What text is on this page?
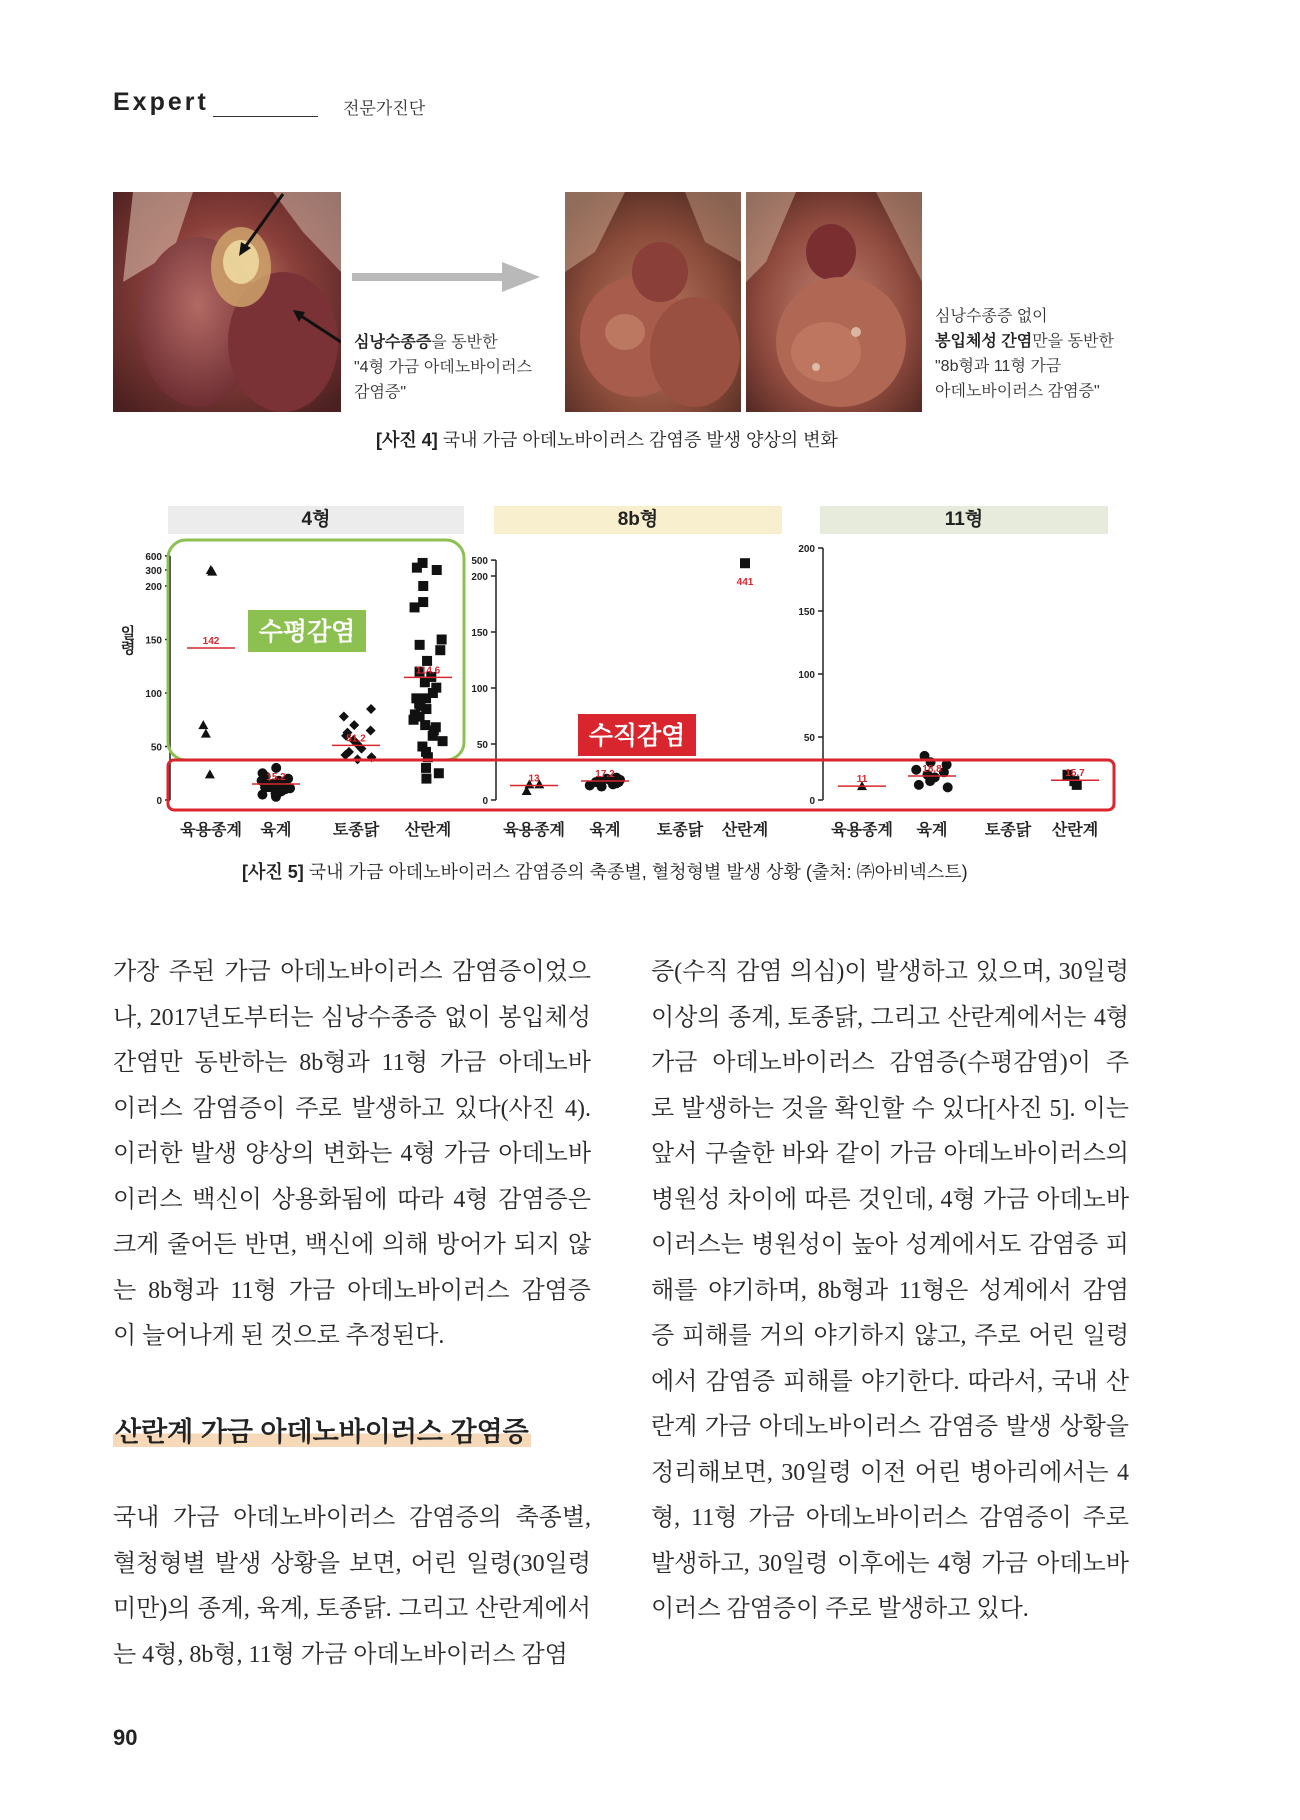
Expert	전문가진단
심낭수종증을 동반한
"4형 가금 아데노바이러스
감염증"
심낭수종증 없이
봉입체성 간염만을 동반한
"8b형과 11형 가금
아데노바이러스 감염증"
[사진 4] 국내 가금 아데노바이러스 감염증 발생 양상의 변화
4형	8b형	11형
0
50
100
150
200
300
600
육용종계 육계	토종닭 산란계
142
15.2
51.2
114.6
0
50
100
150
200
500
육용종계 육계 토종닭 산란계
13	17.2
441
0
50
100
150
200
육용종계 육계 토종닭 산란계
11
18.8	15.7
일령	수평감염
수직감염
[사진 5] 국내 가금 아데노바이러스 감염증의 축종별, 혈청형별 발생 상황 (출처: ㈜아비넥스트)
가장 주된 가금 아데노바이러스 감염증이었으
나, 2017년도부터는 심낭수종증 없이 봉입체성
간염만 동반하는 8b형과 11형 가금 아데노바
이러스 감염증이 주로 발생하고 있다(사진 4).
이러한 발생 양상의 변화는 4형 가금 아데노바
이러스 백신이 상용화됨에 따라 4형 감염증은
크게 줄어든 반면, 백신에 의해 방어가 되지 않
는 8b형과 11형 가금 아데노바이러스 감염증
이 늘어나게 된 것으로 추정된다.
산란계 가금 아데노바이러스 감염증
국내 가금 아데노바이러스 감염증의 축종별,
혈청형별 발생 상황을 보면, 어린 일령(30일령
미만)의 종계, 육계, 토종닭. 그리고 산란계에서
는 4형, 8b형, 11형 가금 아데노바이러스 감염
증(수직 감염 의심)이 발생하고 있으며, 30일령
이상의 종계, 토종닭, 그리고 산란계에서는 4형
가금 아데노바이러스 감염증(수평감염)이 주
로 발생하는 것을 확인할 수 있다[사진 5]. 이는
앞서 구술한 바와 같이 가금 아데노바이러스의
병원성 차이에 따른 것인데, 4형 가금 아데노바
이러스는 병원성이 높아 성계에서도 감염증 피
해를 야기하며, 8b형과 11형은 성계에서 감염
증 피해를 거의 야기하지 않고, 주로 어린 일령
에서 감염증 피해를 야기한다. 따라서, 국내 산
란계 가금 아데노바이러스 감염증 발생 상황을
정리해보면, 30일령 이전 어린 병아리에서는 4
형, 11형 가금 아데노바이러스 감염증이 주로
발생하고, 30일령 이후에는 4형 가금 아데노바
이러스 감염증이 주로 발생하고 있다.
90
